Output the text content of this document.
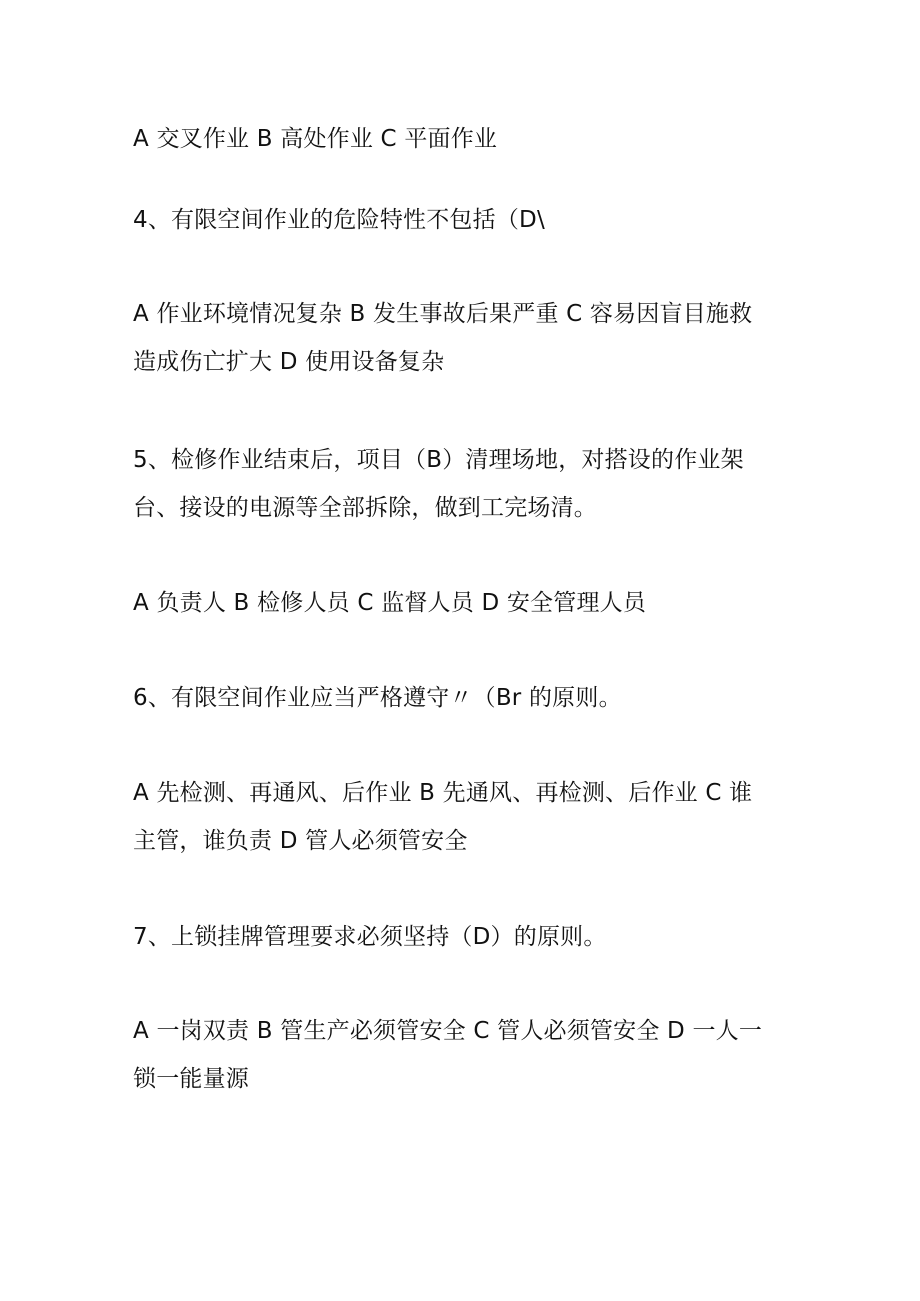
A 交叉作业 B 高处作业 C 平面作业

4、有限空间作业的危险特性不包括（D\

A 作业环境情况复杂 B 发生事故后果严重 C 容易因盲目施救
造成伤亡扩大 D 使用设备复杂

5、检修作业结束后，项目（B）清理场地，对搭设的作业架
台、接设的电源等全部拆除，做到工完场清。

A 负责人 B 检修人员 C 监督人员 D 安全管理人员

6、有限空间作业应当严格遵守〃（Br 的原则。

A 先检测、再通风、后作业 B 先通风、再检测、后作业 C 谁
主管，谁负责 D 管人必须管安全

7、上锁挂牌管理要求必须坚持（D）的原则。

A 一岗双责 B 管生产必须管安全 C 管人必须管安全 D 一人一
锁一能量源
